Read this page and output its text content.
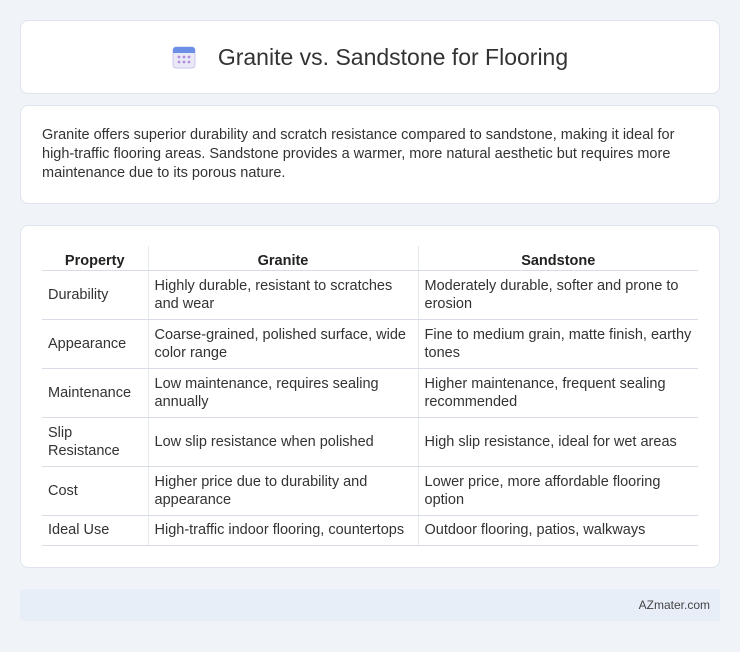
Granite vs. Sandstone for Flooring

Granite offers superior durability and scratch resistance compared to sandstone, making it ideal for high-traffic flooring areas. Sandstone provides a warmer, more natural aesthetic but requires more maintenance due to its porous nature.

Property	Granite	Sandstone
Durability	Highly durable, resistant to scratches and wear	Moderately durable, softer and prone to erosion
Appearance	Coarse-grained, polished surface, wide color range	Fine to medium grain, matte finish, earthy tones
Maintenance	Low maintenance, requires sealing annually	Higher maintenance, frequent sealing recommended
Slip Resistance	Low slip resistance when polished	High slip resistance, ideal for wet areas
Cost	Higher price due to durability and appearance	Lower price, more affordable flooring option
Ideal Use	High-traffic indoor flooring, countertops	Outdoor flooring, patios, walkways
AZmater.com
